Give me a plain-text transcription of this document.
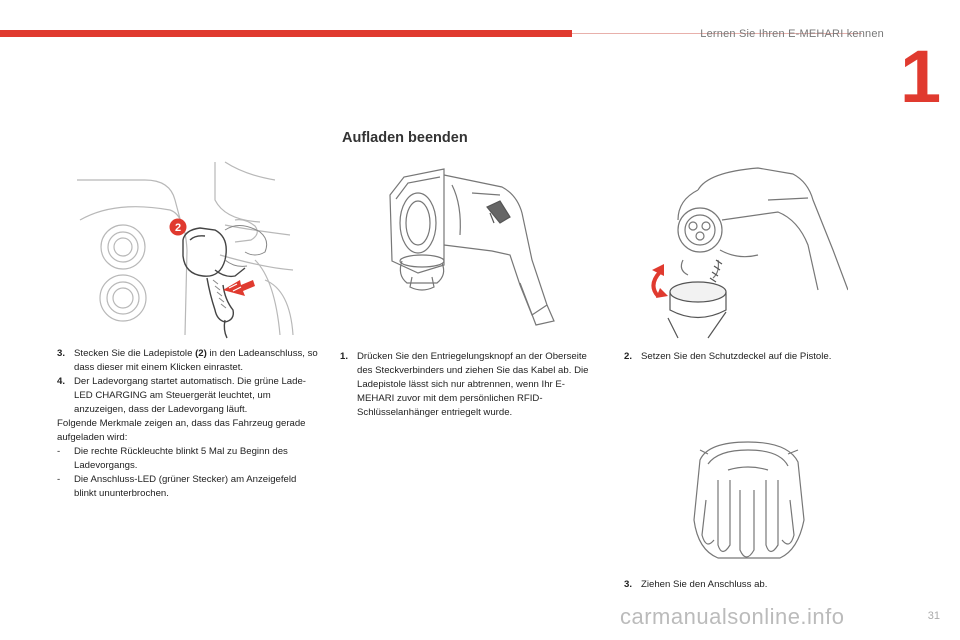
Lernen Sie Ihren E-MEHARI kennen
1
Aufladen beenden
2
3. Stecken Sie die Ladepistole (2) in den Ladeanschluss, so dass dieser mit einem Klicken einrastet.
4. Der Ladevorgang startet automatisch. Die grüne Lade-LED CHARGING am Steuergerät leuchtet, um anzuzeigen, dass der Ladevorgang läuft.
Folgende Merkmale zeigen an, dass das Fahrzeug gerade aufgeladen wird:
-	Die rechte Rückleuchte blinkt 5 Mal zu Beginn des Ladevorgangs.
-	Die Anschluss-LED (grüner Stecker) am Anzeigefeld blinkt ununterbrochen.
1. Drücken Sie den Entriegelungsknopf an der Oberseite des Steckverbinders und ziehen Sie das Kabel ab. Die Ladepistole lässt sich nur abtrennen, wenn Ihr E-MEHARI zuvor mit dem persönlichen RFID-Schlüsselanhänger entriegelt wurde.
2. Setzen Sie den Schutzdeckel auf die Pistole.
3. Ziehen Sie den Anschluss ab.
carmanualsonline.info	31
